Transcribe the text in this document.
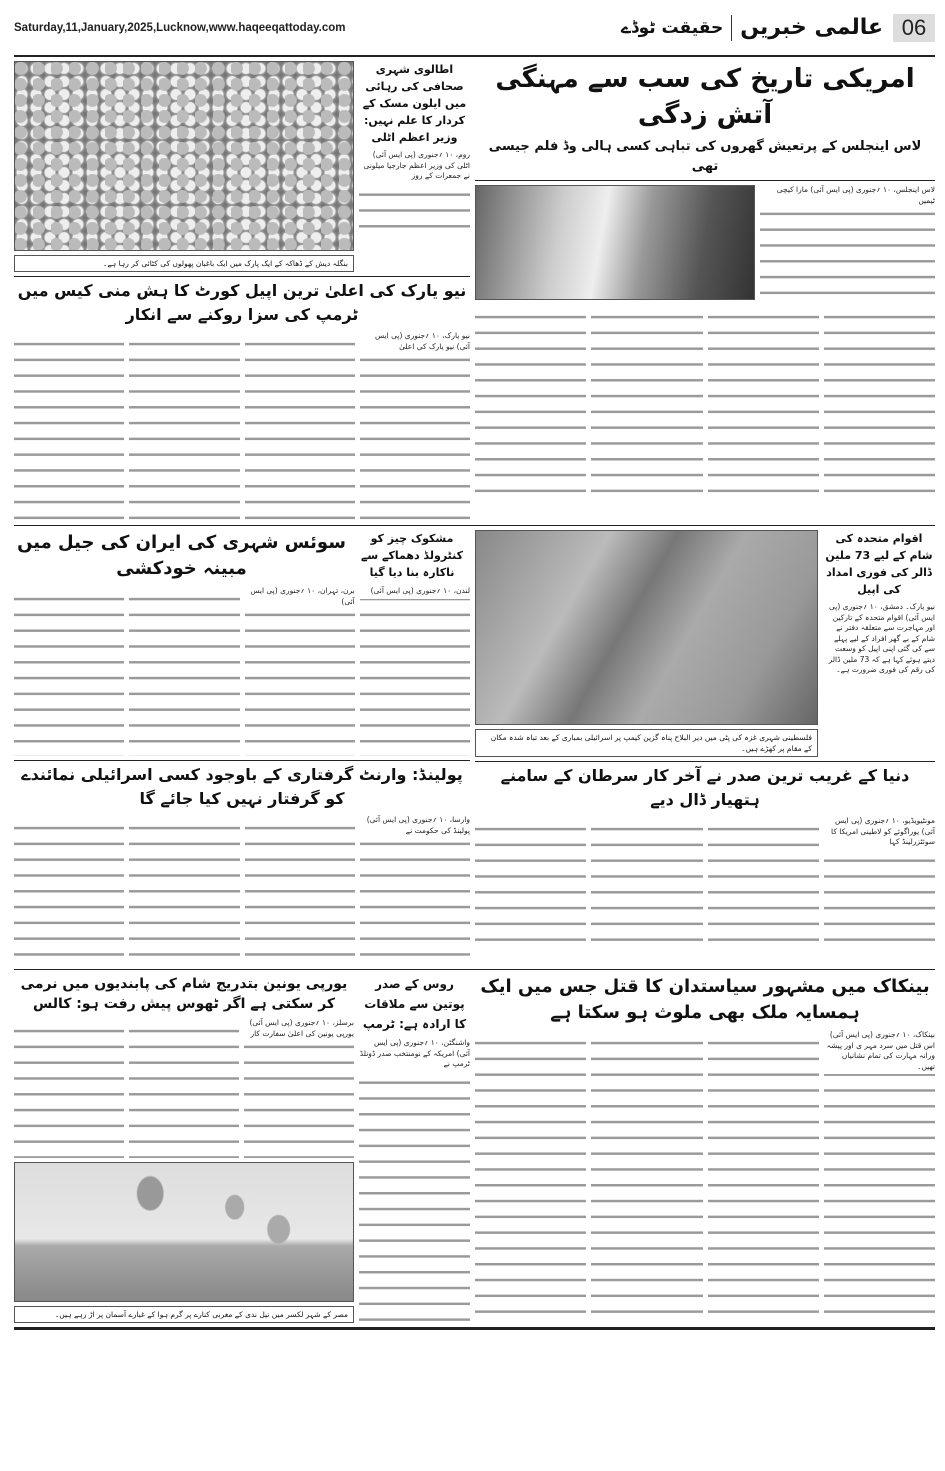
Saturday,11,January,2025,Lucknow,www.haqeeqattoday.com	عالمی خبریں
حقیقت ٹوڈے	06
بنگلہ دیش کے ڈھاکہ کے ایک پارک میں ایک باغبان پھولوں کی کٹائی کر رہا ہے۔
اطالوی شہری صحافی کی رہائی میں ایلون مسک کے کردار کا علم نہیں: وزیر اعظم اٹلی
روم، ۱۰ ؍جنوری (پی ایس آئی) اٹلی کی وزیر اعظم جارجیا میلونی نے جمعرات کے روز
نیو یارک کی اعلیٰ ترین اپیل کورٹ کا ہش منی کیس میں ٹرمپ کی سزا روکنے سے انکار
نیو یارک، ۱۰ ؍جنوری (پی ایس آئی) نیو یارک کی اعلیٰ
امریکی تاریخ کی سب سے مہنگی آتش زدگی
لاس اینجلس کے پرتعیش گھروں کی تباہی کسی ہالی وڈ فلم جیسی تھی
لاس اینجلس، ۱۰ ؍جنوری (پی ایس آئی) مارا کیچی ٹیمیں
سوئس شہری کی ایران کی جیل میں مبینہ خودکشی
مشکوک چیز کو کنٹرولڈ دھماکے سے ناکارہ بنا دیا گیا
لندن، ۱۰ ؍جنوری (پی ایس آئی)
برن، تہران، ۱۰ ؍جنوری (پی ایس آئی)
پولینڈ: وارنٹ گرفتاری کے باوجود کسی اسرائیلی نمائندے کو گرفتار نہیں کیا جائے گا
وارسا، ۱۰ ؍جنوری (پی ایس آئی) پولینڈ کی حکومت نے
فلسطینی شہری غزہ کی پٹی میں دیر البلاح پناہ گزین کیمپ پر اسرائیلی بمباری کے بعد تباہ شدہ مکان کے مقام پر کھڑے ہیں۔
اقوام متحدہ کی شام کے لیے 73 ملین ڈالر کی فوری امداد کی اپیل
نیو یارک۔ دمشق، ۱۰ ؍جنوری (پی ایس آئی) اقوام متحدہ کے تارکین اور مہاجرت سے متعلقہ دفتر نے شام کے بے گھر افراد کے لیے پہلے سے کی گئی اپنی اپیل کو وسعت دیتے ہوئے کہا ہے کہ 73 ملین ڈالر کی رقم کی فوری ضرورت ہے۔
دنیا کے غریب ترین صدر نے آخر کار سرطان کے سامنے ہتھیار ڈال دیے
مونٹیویڈیو، ۱۰ ؍جنوری (پی ایس آئی) یوراگوئے کو لاطینی امریکا کا سوئٹزرلینڈ کہا
یورپی یونین بتدریج شام کی پابندیوں میں نرمی کر سکتی ہے اگر ٹھوس پیش رفت ہو: کالس
برسلز، ۱۰ ؍جنوری (پی ایس آئی) یورپی یونین کی اعلیٰ سفارت کار
مصر کے شہر لکسر میں نیل ندی کے مغربی کنارے پر گرم ہوا کے غبارے آسمان پر اڑ رہے ہیں۔
روس کے صدر پوتین سے ملاقات کا ارادہ ہے: ٹرمپ
واشنگٹن، ۱۰ ؍جنوری (پی ایس آئی) امریکہ کے نومنتخب صدر ڈونلڈ ٹرمپ نے
بینکاک میں مشہور سیاستدان کا قتل جس میں ایک ہمسایہ ملک بھی ملوث ہو سکتا ہے
بینکاک، ۱۰ ؍جنوری (پی ایس آئی) اس قتل میں سرد مہر ی اور پیشہ ورانہ مہارت کی تمام نشانیاں تھیں۔
